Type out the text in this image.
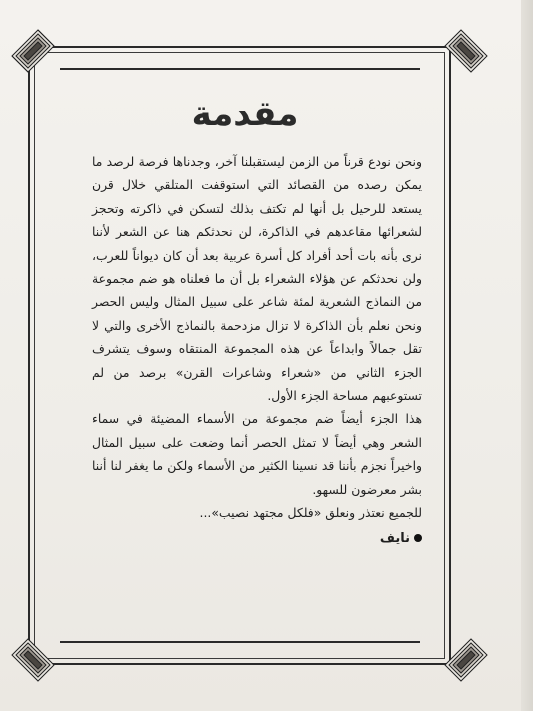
مقدمة

ونحن نودع قرناً من الزمن ليستقبلنا آخر، وجدناها فرصة لرصد ما يمكن رصده من القصائد التي استوقفت المتلقي خلال قرن يستعد للرحيل بل أنها لم تكتف بذلك لتسكن في ذاكرته وتحجز لشعرائها مقاعدهم في الذاكرة، لن نحدثكم هنا عن الشعر لأننا نرى بأنه بات أحد أفراد كل أسرة عربية بعد أن كان ديواناً للعرب، ولن نحدثكم عن هؤلاء الشعراء بل أن ما فعلناه هو ضم مجموعة من النماذج الشعرية لمئة شاعر على سبيل المثال وليس الحصر ونحن نعلم بأن الذاكرة لا تزال مزدحمة بالنماذج الأخرى والتي لا تقل جمالاً وابداعاً عن هذه المجموعة المنتقاه وسوف يتشرف الجزء الثاني من «شعراء وشاعرات القرن» برصد من لم تستوعبهم مساحة الجزء الأول.

هذا الجزء أيضاً ضم مجموعة من الأسماء المضيئة في سماء الشعر وهي أيضاً لا تمثل الحصر أنما وضعت على سبيل المثال واخيراً نجزم بأننا قد نسينا الكثير من الأسماء ولكن ما يغفر لنا أننا بشر معرضون للسهو.

للجميع نعتذر ونعلق «فلكل مجتهد نصيب»...

نايف
